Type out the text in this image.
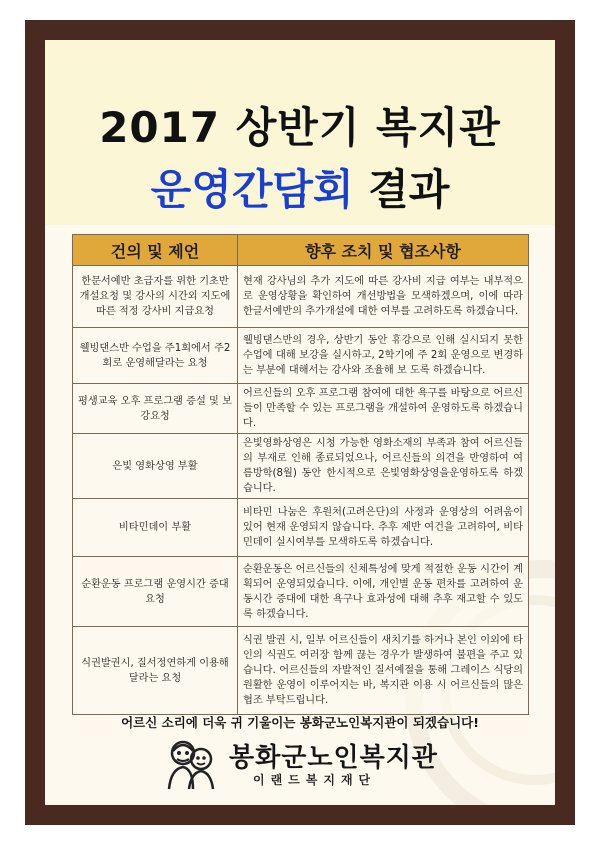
2017 상반기 복지관
운영간담회 결과
건의 및 제언	향후 조치 및 협조사항
한문서예반 초급자를 위한 기초반 개설요청 및 강사의 시간외 지도에 따른 적정 강사비 지급요청	현재 강사님의 추가 지도에 따른 강사비 지급 여부는 내부적으로 운영상황을 확인하여 개선방법을 모색하겠으며, 이에 따라 한글서예반의 추가개설에 대한 여부를 고려하도록 하겠습니다.
웰빙댄스반 수업을 주1회에서 주2회로 운영해달라는 요청	웰빙댄스반의 경우, 상반기 동안 휴강으로 인해 실시되지 못한 수업에 대해 보강을 실시하고, 2학기에 주 2회 운영으로 변경하는 부분에 대해서는 강사와 조율해 보 도록 하겠습니다.
평생교육 오후 프로그램 증설 및 보강요청	어르신들의 오후 프로그램 참여에 대한 욕구를 바탕으로 어르신들이 만족할 수 있는 프로그램을 개설하여 운영하도록 하겠습니다.
은빛 영화상영 부활	은빛영화상영은 시청 가능한 영화소재의 부족과 참여 어르신들의 부재로 인해 종료되었으나, 어르신들의 의견을 반영하여 여름방학(8월) 동안 한시적으로 은빛영화상영을운영하도록 하겠습니다.
비타민데이 부활	비타민 나눔은 후원처(고려은단)의 사정과 운영상의 어려움이 있어 현재 운영되지 않습니다. 추후 제반 여건을 고려하여, 비타민데이 실시여부를 모색하도록 하겠습니다.
순환운동 프로그램 운영시간 증대 요청	순환운동은 어르신들의 신체특성에 맞게 적절한 운동 시간이 계획되어 운영되었습니다. 이에, 개인별 운동 편차를 고려하여 운동시간 증대에 대한 욕구나 효과성에 대해 추후 재고할 수 있도록 하겠습니다.
식권발권시, 질서정연하게 이용해달라는 요청	식권 발권 시, 일부 어르신들이 새치기를 하거나 본인 이외에 타인의 식권도 여러장 함께 끊는 경우가 발생하여 불편을 주고 있습니다. 어르신들의 자발적인 질서예절을 통해 그레이스 식당의 원활한 운영이 이루어지는 바, 복지관 이용 시 어르신들의 많은 협조 부탁드립니다.
어르신 소리에 더욱 귀 기울이는 봉화군노인복지관이 되겠습니다!
봉화군노인복지관
이랜드복지재단
